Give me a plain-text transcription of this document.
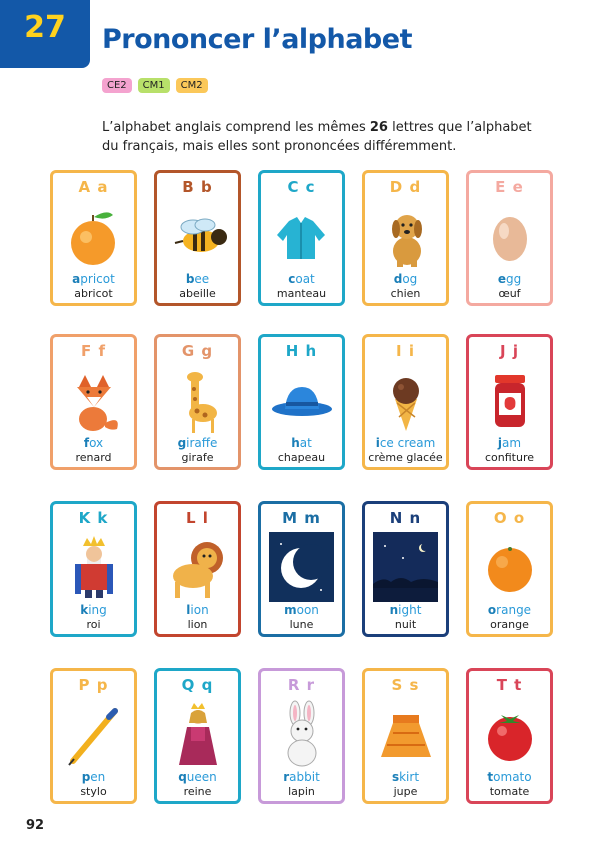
27	Prononcer l’alphabet
CE2	CM1	CM2
L’alphabet anglais comprend les mêmes 26 lettres que l’alphabet du français, mais elles sont prononcées différemment.
A a
apricot
abricot
B b
bee
abeille
C c
coat
manteau
D d
dog
chien
E e
egg
œuf
F f
fox
renard
G g
giraffe
girafe
H h
hat
chapeau
I i
ice cream
crème glacée
J j
jam
confiture
K k
king
roi
L l
lion
lion
M m
moon
lune
N n
night
nuit
O o
orange
orange
P p
pen
stylo
Q q
queen
reine
R r
rabbit
lapin
S s
skirt
jupe
T t
tomato
tomate
92
